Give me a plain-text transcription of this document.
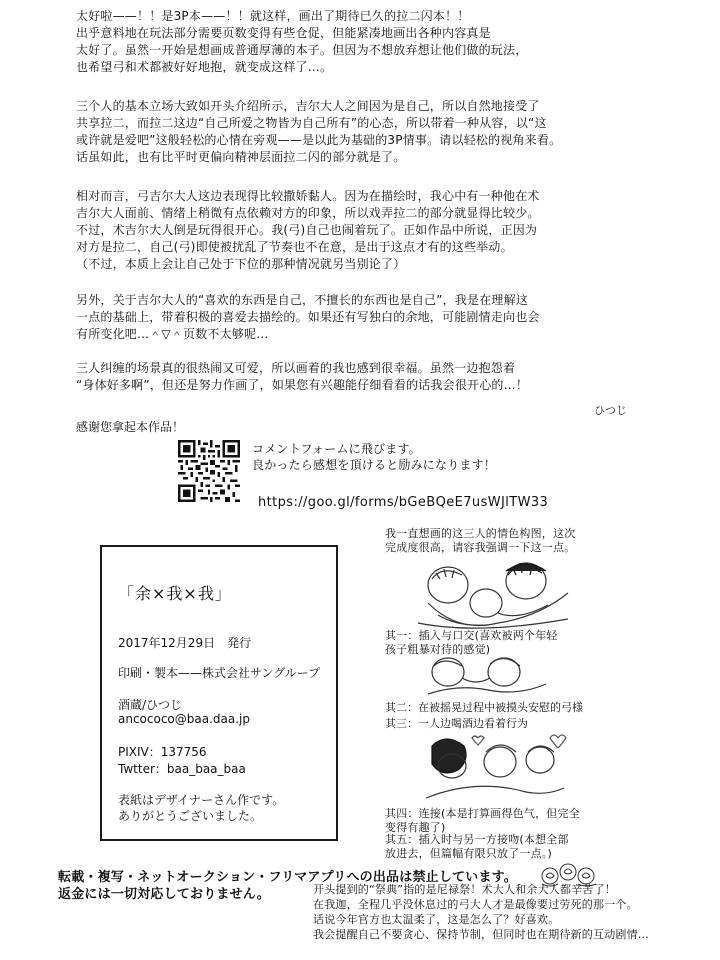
太好啦——！！是3P本——！！就这样，画出了期待已久的拉二闪本！！
出乎意料地在玩法部分需要页数变得有些仓促，但能紧凑地画出各种内容真是
太好了。虽然一开始是想画成普通厚薄的本子。但因为不想放弃想让他们做的玩法，
也希望弓和术都被好好地抱，就变成这样了…。
三个人的基本立场大致如开头介绍所示，吉尔大人之间因为是自己，所以自然地接受了
共享拉二，而拉二这边“自己所爱之物皆为自己所有”的心态，所以带着一种从容，以“这
或许就是爱吧”这般轻松的心情在旁观——是以此为基础的3P情事。请以轻松的视角来看。
话虽如此，也有比平时更偏向精神层面拉二闪的部分就是了。
相对而言，弓吉尔大人这边表现得比较撒娇黏人。因为在描绘时，我心中有一种他在术
吉尔大人面前、情绪上稍微有点依赖对方的印象，所以戏弄拉二的部分就显得比较少。
不过，术吉尔大人倒是玩得很开心。我(弓)自己也闹着玩了。正如作品中所说，正因为
对方是拉二，自己(弓)即使被扰乱了节奏也不在意，是出于这点才有的这些举动。
（不过，本质上会让自己处于下位的那种情况就另当别论了）
另外，关于吉尔大人的“喜欢的东西是自己，不擅长的东西也是自己”，我是在理解这
一点的基础上，带着积极的喜爱去描绘的。如果还有写独白的余地，可能剧情走向也会
有所变化吧…＾▽＾页数不太够呢…
三人纠缠的场景真的很热闹又可爱，所以画着的我也感到很幸福。虽然一边抱怨着
“身体好多啊”，但还是努力作画了，如果您有兴趣能仔细看看的话我会很开心的…！
感谢您拿起本作品！
ひつじ
コメントフォームに飛びます。
良かったら感想を頂けると励みになります！
https://goo.gl/forms/bGeBQeE7usWJlTW33
「余×我×我」
2017年12月29日　発行
印刷・製本——株式会社サングループ
酒蔵/ひつじ
ancococo@baa.daa.jp
PIXIV：137756
Twtter：baa_baa_baa
表紙はデザイナーさん作です。
ありがとうございました。
我一直想画的这三人的情色构图，这次
完成度很高，请容我强调一下这一点。
其一：插入与口交(喜欢被两个年轻
孩子粗暴对待的感觉)
其二：在被摇晃过程中被摸头安慰的弓様
其三：一人边喝酒边看着行为
其四：连接(本是打算画得色气，但完全
变得有趣了)
其五：插入时与另一方接吻(本想全部
放进去，但篇幅有限只放了一点。)
転載・複写・ネットオークション・フリマアプリへの出品は禁止しています。
返金には一切対応しておりません。	开头提到的“祭典”指的是尼禄祭！术大人和余大人都辛苦了！
在我迦，全程几乎没休息过的弓大人才是最像要过劳死的那一个。
话说今年官方也太温柔了，这是怎么了？好喜欢。
我会提醒自己不要贪心、保持节制，但同时也在期待新的互动剧情…
